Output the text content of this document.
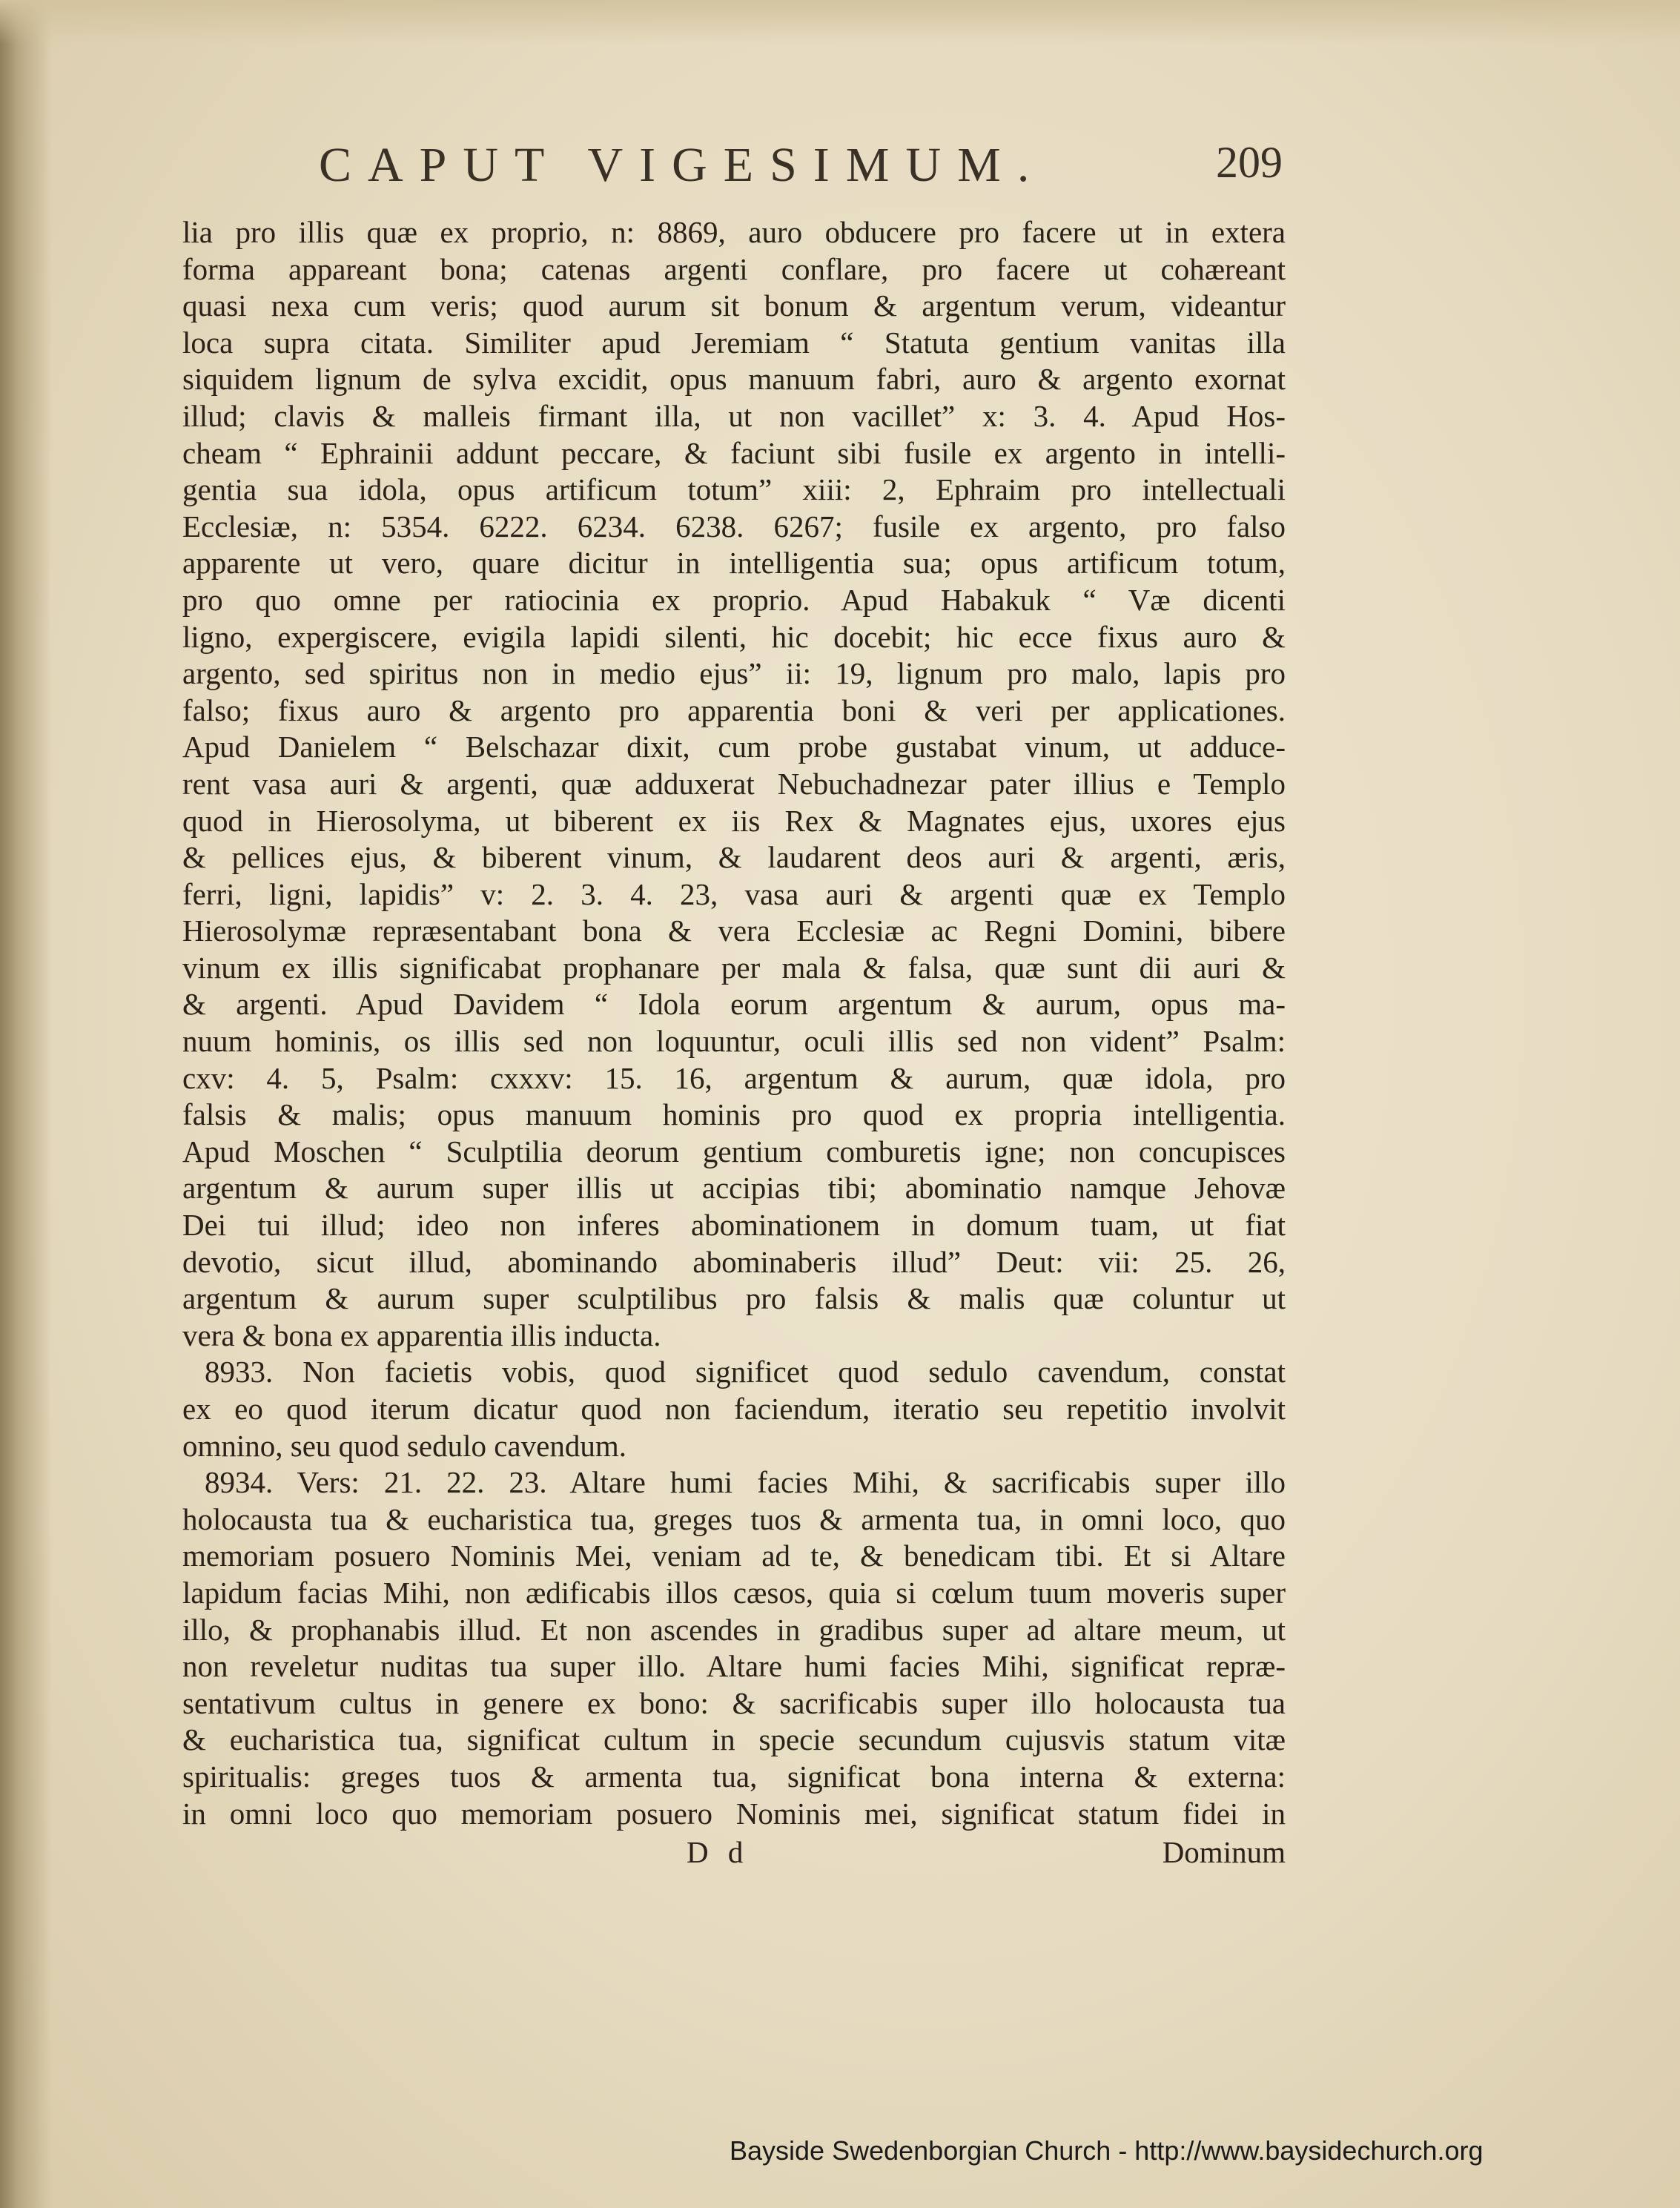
CAPUT VIGESIMUM.	209
lia pro illis quæ ex proprio, n: 8869, auro obducere pro facere ut in extera
forma appareant bona; catenas argenti conflare, pro facere ut cohæreant
quasi nexa cum veris; quod aurum sit bonum & argentum verum, videantur
loca supra citata. Similiter apud Jeremiam “ Statuta gentium vanitas illa
siquidem lignum de sylva excidit, opus manuum fabri, auro & argento exornat
illud; clavis & malleis firmant illa, ut non vacillet” x: 3. 4. Apud Hos-
cheam “ Ephrainii addunt peccare, & faciunt sibi fusile ex argento in intelli-
gentia sua idola, opus artificum totum” xiii: 2, Ephraim pro intellectuali
Ecclesiæ, n: 5354. 6222. 6234. 6238. 6267; fusile ex argento, pro falso
apparente ut vero, quare dicitur in intelligentia sua; opus artificum totum,
pro quo omne per ratiocinia ex proprio. Apud Habakuk “ Væ dicenti
ligno, expergiscere, evigila lapidi silenti, hic docebit; hic ecce fixus auro &
argento, sed spiritus non in medio ejus” ii: 19, lignum pro malo, lapis pro
falso; fixus auro & argento pro apparentia boni & veri per applicationes.
Apud Danielem “ Belschazar dixit, cum probe gustabat vinum, ut adduce-
rent vasa auri & argenti, quæ adduxerat Nebuchadnezar pater illius e Templo
quod in Hierosolyma, ut biberent ex iis Rex & Magnates ejus, uxores ejus
& pellices ejus, & biberent vinum, & laudarent deos auri & argenti, æris,
ferri, ligni, lapidis” v: 2. 3. 4. 23, vasa auri & argenti quæ ex Templo
Hierosolymæ repræsentabant bona & vera Ecclesiæ ac Regni Domini, bibere
vinum ex illis significabat prophanare per mala & falsa, quæ sunt dii auri &
& argenti. Apud Davidem “ Idola eorum argentum & aurum, opus ma-
nuum hominis, os illis sed non loquuntur, oculi illis sed non vident” Psalm:
cxv: 4. 5, Psalm: cxxxv: 15. 16, argentum & aurum, quæ idola, pro
falsis & malis; opus manuum hominis pro quod ex propria intelligentia.
Apud Moschen “ Sculptilia deorum gentium comburetis igne; non concupisces
argentum & aurum super illis ut accipias tibi; abominatio namque Jehovæ
Dei tui illud; ideo non inferes abominationem in domum tuam, ut fiat
devotio, sicut illud, abominando abominaberis illud” Deut: vii: 25. 26,
argentum & aurum super sculptilibus pro falsis & malis quæ coluntur ut
vera & bona ex apparentia illis inducta.
8933. Non facietis vobis, quod significet quod sedulo cavendum, constat
ex eo quod iterum dicatur quod non faciendum, iteratio seu repetitio involvit
omnino, seu quod sedulo cavendum.
8934. Vers: 21. 22. 23. Altare humi facies Mihi, & sacrificabis super illo
holocausta tua & eucharistica tua, greges tuos & armenta tua, in omni loco, quo
memoriam posuero Nominis Mei, veniam ad te, & benedicam tibi. Et si Altare
lapidum facias Mihi, non ædificabis illos cæsos, quia si cœlum tuum moveris super
illo, & prophanabis illud. Et non ascendes in gradibus super ad altare meum, ut
non reveletur nuditas tua super illo. Altare humi facies Mihi, significat repræ-
sentativum cultus in genere ex bono: & sacrificabis super illo holocausta tua
& eucharistica tua, significat cultum in specie secundum cujusvis statum vitæ
spiritualis: greges tuos & armenta tua, significat bona interna & externa:
in omni loco quo memoriam posuero Nominis mei, significat statum fidei in
D d	Dominum
Bayside Swedenborgian Church - http://www.baysidechurch.org
